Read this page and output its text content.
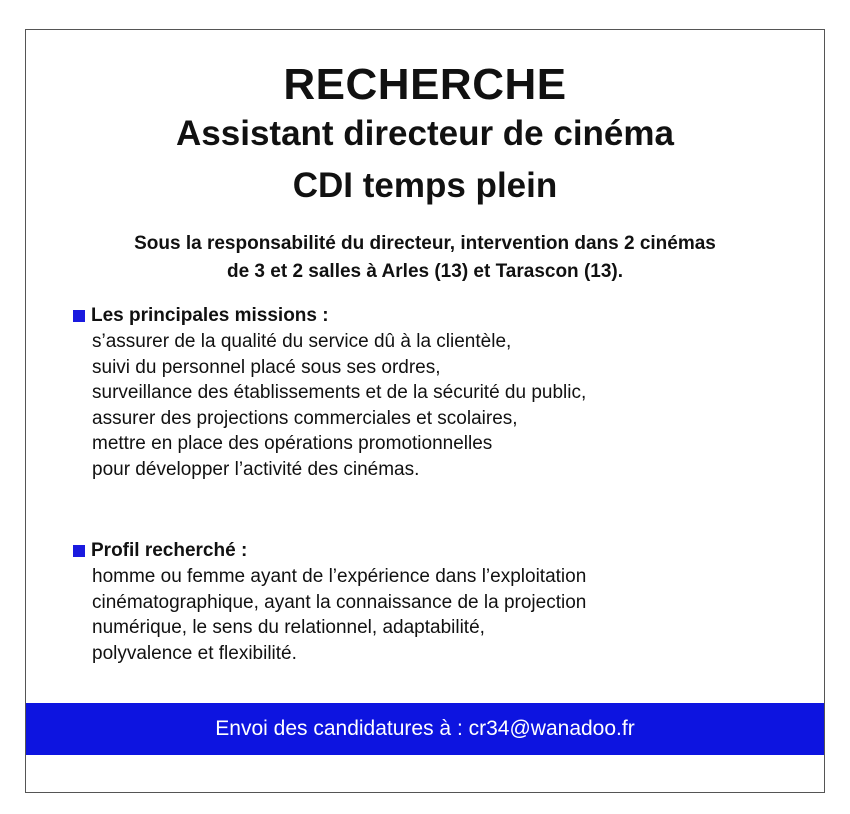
RECHERCHE
Assistant directeur de cinéma
CDI temps plein
Sous la responsabilité du directeur, intervention dans 2 cinémas
de 3 et 2 salles à Arles (13) et Tarascon (13).
Les principales missions :
s’assurer de la qualité du service dû à la clientèle,
suivi du personnel placé sous ses ordres,
surveillance des établissements et de la sécurité du public,
assurer des projections commerciales et scolaires,
mettre en place des opérations promotionnelles
pour développer l’activité des cinémas.
Profil recherché :
homme ou femme ayant de l’expérience dans l’exploitation
cinématographique, ayant la connaissance de la projection
numérique, le sens du relationnel, adaptabilité,
polyvalence et flexibilité.
Envoi des candidatures à : cr34@wanadoo.fr
